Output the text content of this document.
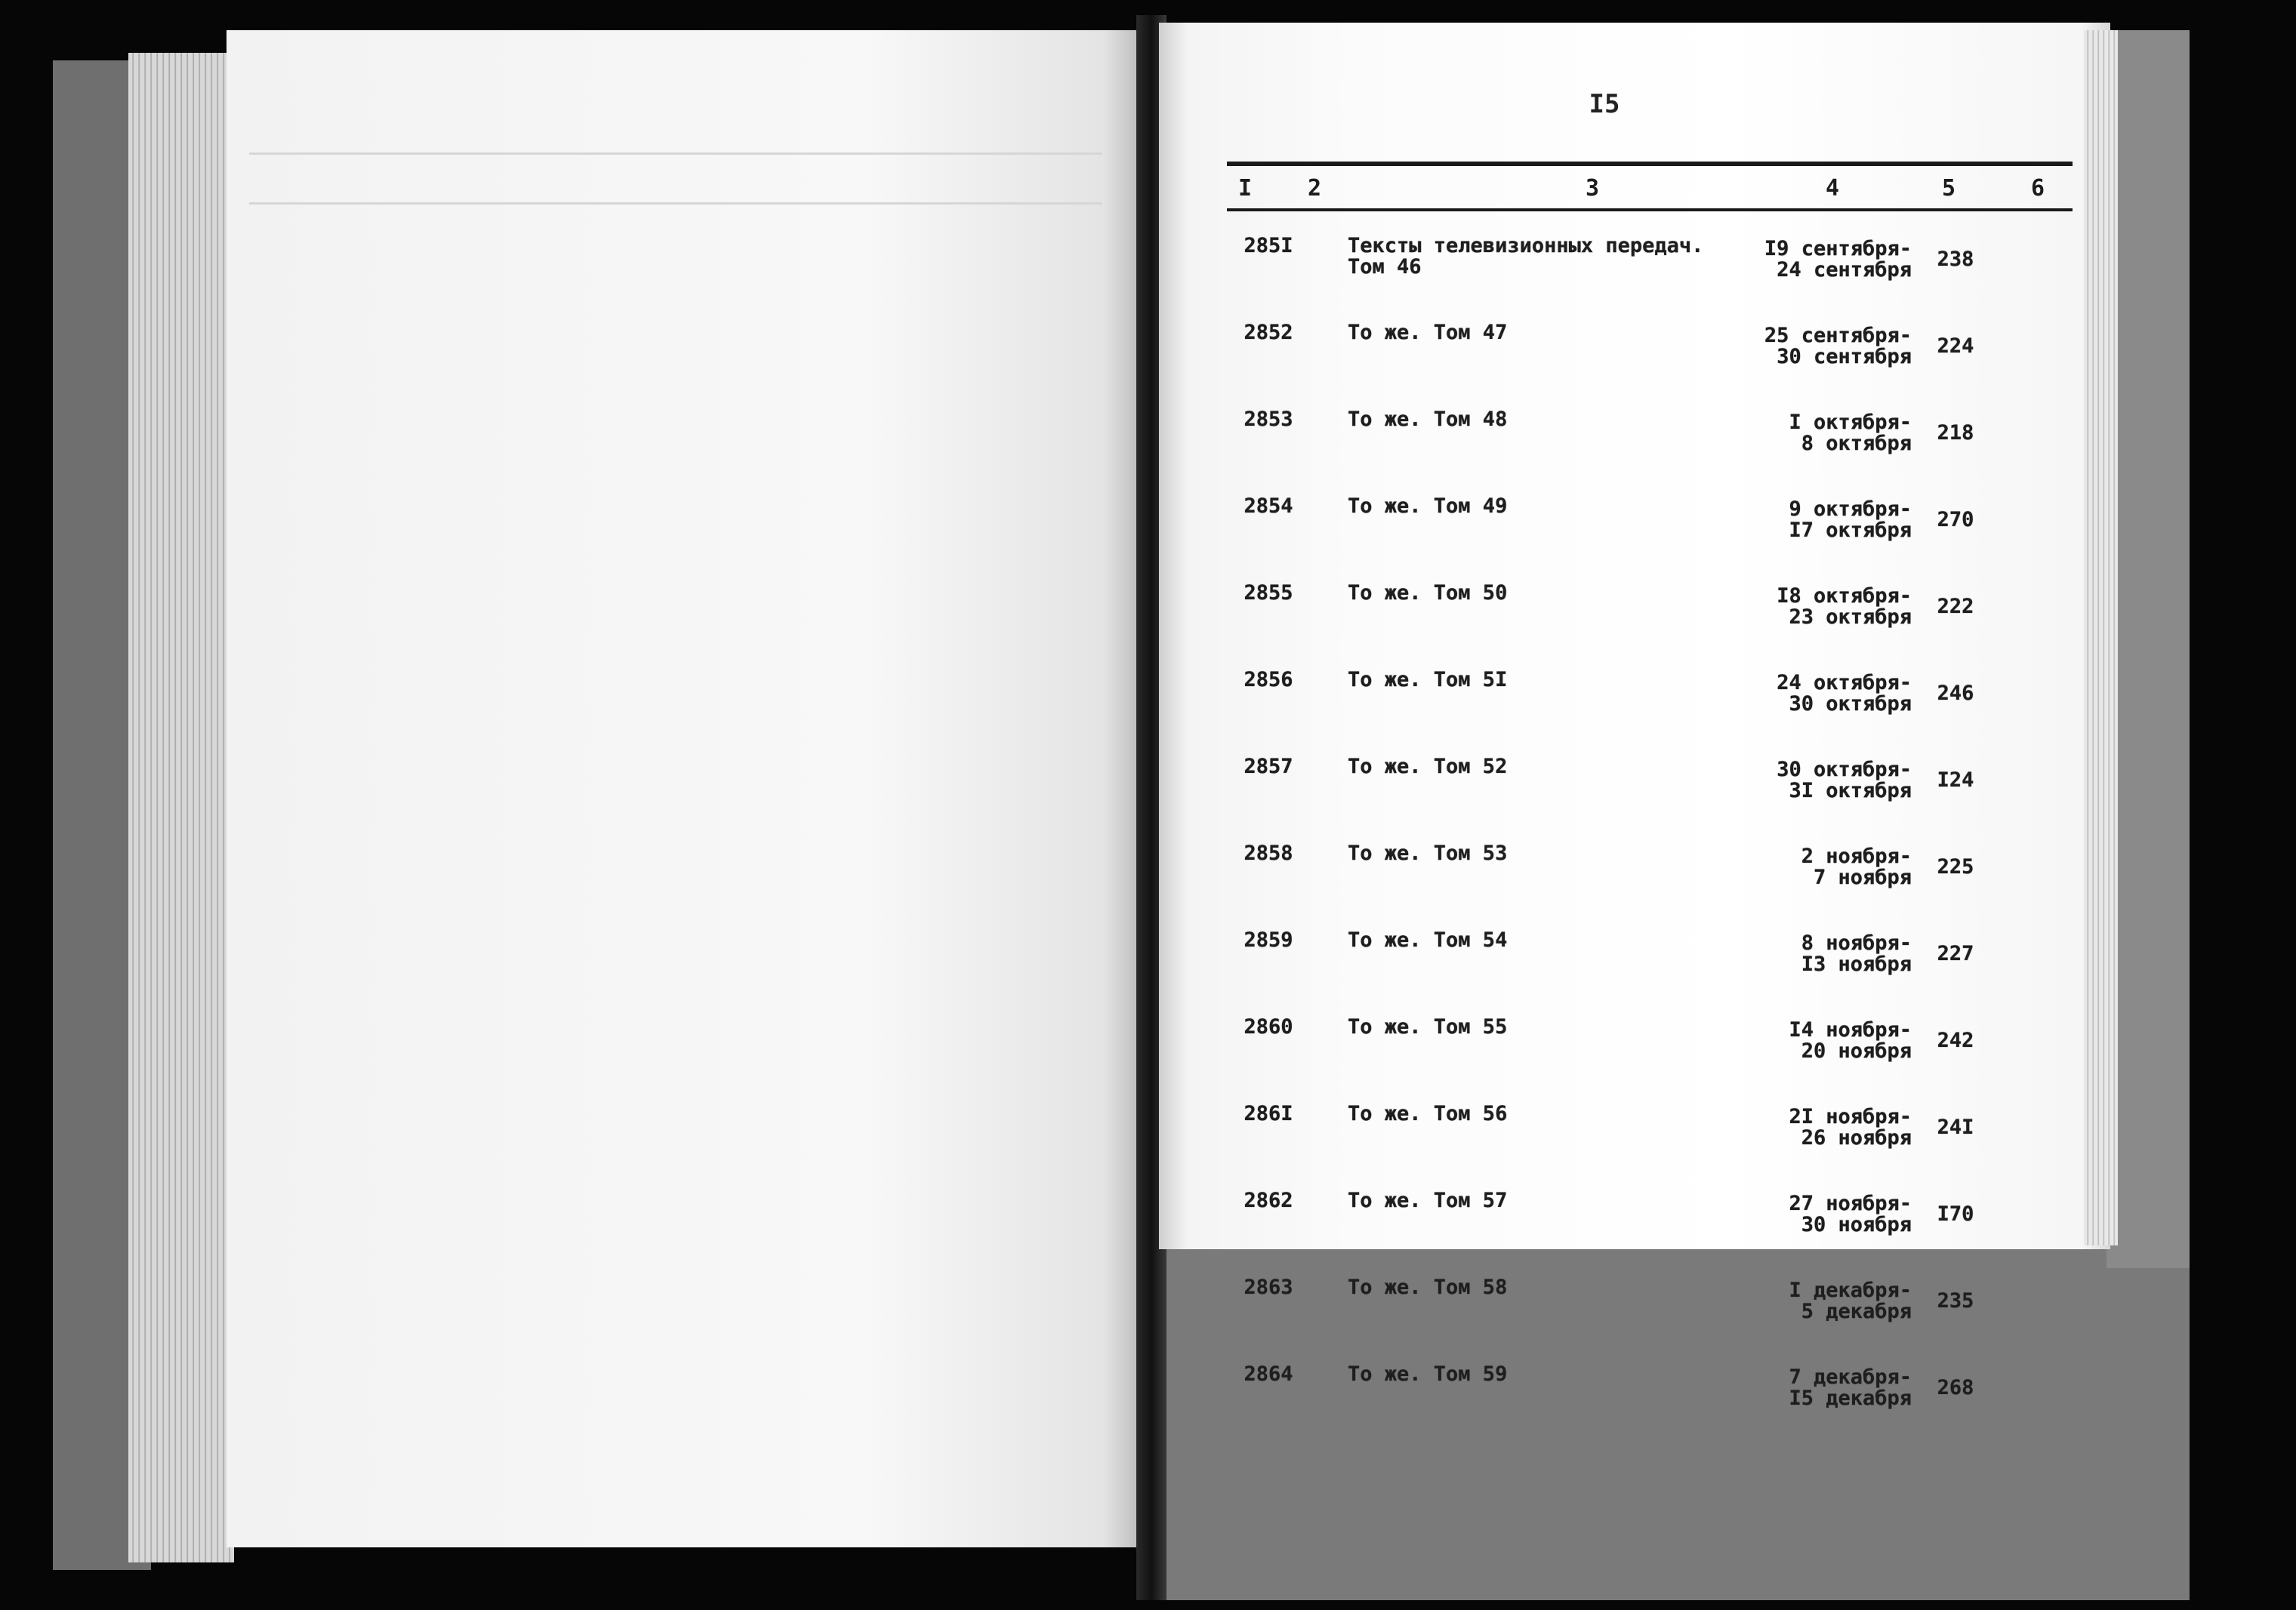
I5
I 2	3	4	5	6
285I	Тексты телевизионных передач.
Том 46
I9 сентября-
24 сентября	238
2852	То же. Том 47	25 сентября-
30 сентября	224
2853	То же. Том 48	I октября-
8 октября	218
2854	То же. Том 49	9 октября-
I7 октября	270
2855	То же. Том 50	I8 октября-
23 октября	222
2856	То же. Том 5I	24 октября-
30 октября	246
2857	То же. Том 52	30 октября-
3I октября	I24
2858	То же. Том 53	2 ноября-
7 ноября	225
2859	То же. Том 54	8 ноября-
I3 ноября	227
2860	То же. Том 55	I4 ноября-
20 ноября	242
286I	То же. Том 56	2I ноября-
26 ноября	24I
2862	То же. Том 57	27 ноября-
30 ноября	I70
2863	То же. Том 58	I декабря-
5 декабря	235
2864	То же. Том 59	7 декабря-
I5 декабря	268
